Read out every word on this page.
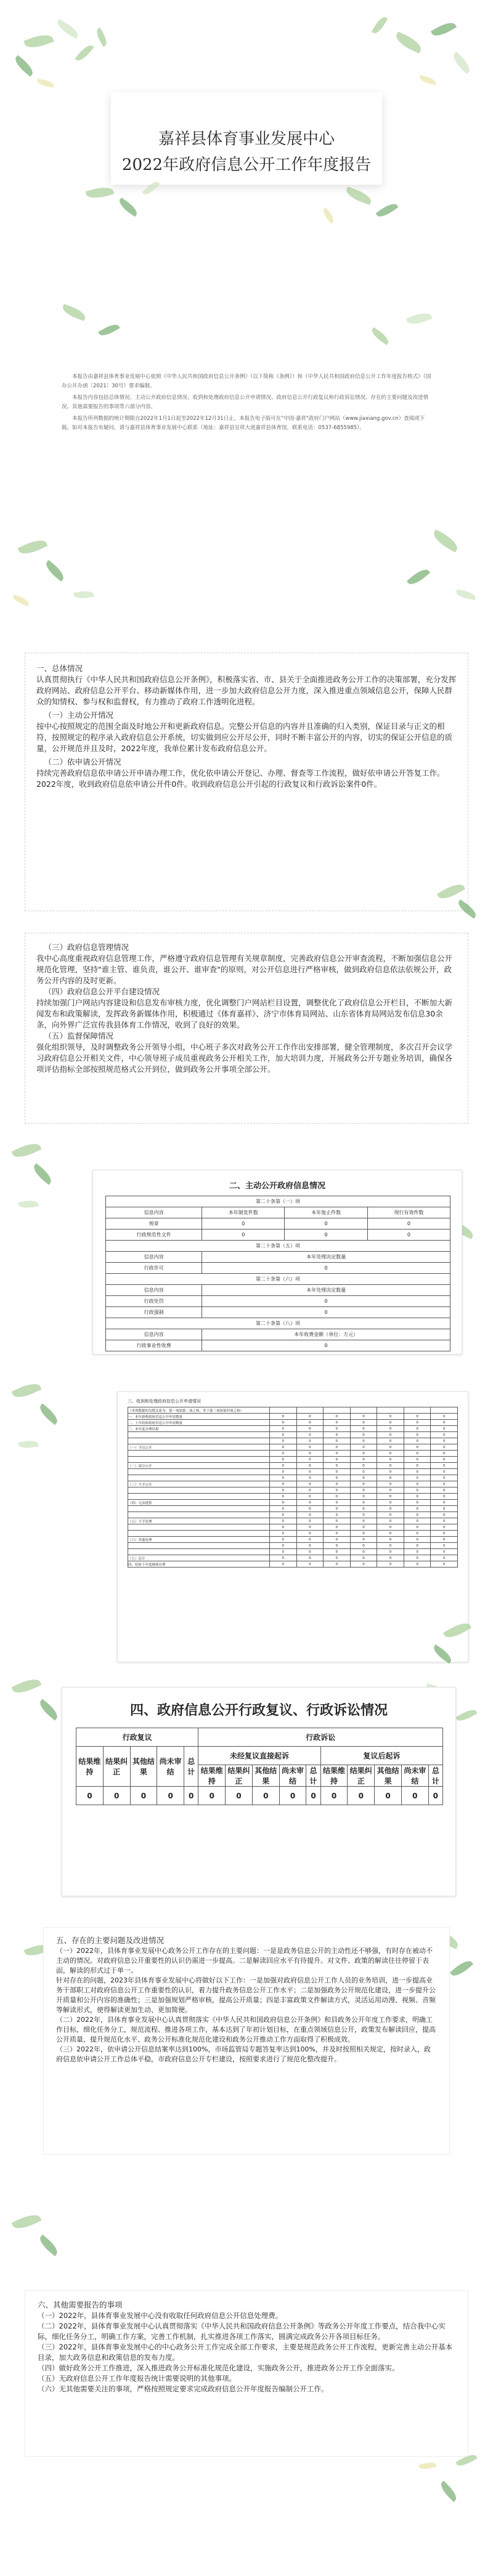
嘉祥县体育事业发展中心
2022年政府信息公开工作年度报告

本报告由嘉祥县体育事业发展中心依照《中华人民共和国政府信息公开条例》（以下简称《条例》）和《中华人民共和国政府信息公开工作年度报告格式》（国办公开办函〔2021〕30号）要求编制。

本报告内容包括总体情况、主动公开政府信息情况、收到和处理政府信息公开申请情况、政府信息公开行政复议和行政诉讼情况、存在的主要问题及改进情况、其他需要报告的事项等六部分内容。

本报告所列数据的统计期限自2022年1月1日起至2022年12月31日止。本报告电子版可在"中国·嘉祥"政府门户网站（www.jiaxiang.gov.cn）查阅或下载。如对本报告有疑问，请与嘉祥县体育事业发展中心联系（地址：嘉祥县呈祥大道嘉祥县体育馆，联系电话：0537-6855985）。

一、总体情况

认真贯彻执行《中华人民共和国政府信息公开条例》，积极落实省、市、县关于全面推进政务公开工作的决策部署，充分发挥政府网站、政府信息公开平台、移动新媒体作用，进一步加大政府信息公开力度，深入推进重点领域信息公开，保障人民群众的知情权、参与权和监督权，有力推动了政府工作透明化进程。

（一）主动公开情况

按中心按照规定的范围全面及时地公开和更新政府信息。完整公开信息的内容并且准确的归入类别，保证目录与正文的相符，按照规定的程序录入政府信息公开系统，切实做到应公开尽公开，同时不断丰富公开的内容，切实的保证公开信息的质量，公开规范并且及时，2022年度，我单位累计发布政府信息公开。

（二）依申请公开情况

持续完善政府信息依申请公开申请办理工作，优化依申请公开登记、办理、督查等工作流程，做好依申请公开答复工作。2022年度，收到政府信息依申请公开件0件。收到政府信息公开引起的行政复议和行政诉讼案件0件。

（三）政府信息管理情况

我中心高度重视政府信息管理工作，严格遵守政府信息管理有关规章制度，完善政府信息公开审查流程，不断加强信息公开规范化管理，坚持"谁主管、谁负责，谁公开、谁审查"的原则，对公开信息进行严格审核，做到政府信息依法依规公开，政务公开内容的及时更新。

（四）政府信息公开平台建设情况

持续加强门户网站内容建设和信息发布审核力度，优化调整门户网站栏目设置，调整优化了政府信息公开栏目，不断加大新闻发布和政策解读，发挥政务新媒体作用，积极通过《体育嘉祥》、济宁市体育局网站、山东省体育局网站发布信息30余条，向外界广泛宣传我县体育工作情况，收到了良好的效果。

（五）监督保障情况

强化组织领导，及时调整政务公开领导小组，中心班子多次对政务公开工作作出安排部署，健全管理制度，多次召开会议学习政府信息公开相关文件，中心领导班子成员重视政务公开相关工作，加大培训力度，开展政务公开专题业务培训，确保各项评估指标全部按照规范格式公开到位，做到政务公开事项全部公开。

二、主动公开政府信息情况

第二十条第（一）项			
信息内容	本年制发件数	本年废止件数	现行有效件数
规章	0	0	0
行政规范性文件	0	0	0
第二十条第（五）项			
信息内容	本年处理决定数量		
行政许可	0		
第二十条第（六）项			
信息内容	本年处理决定数量		
行政处罚	0		
行政强制	0		
第二十条第（八）项			
信息内容	本年收费金额（单位：万元）		
行政事业性收费	0		

三、收到和处理政府信息公开申请情况

（本列数据的勾稽关系为：第一项加第二项之和，等于第三项加第四项之和）							
一、本年新收政府信息公开申请数量	0	0	0	0	0	0	0
二、上年结转政府信息公开申请数量	0	0	0	0	0	0	0
三、本年度办理结果	0	0	0	0	0	0	0
	0	0	0	0	0	0	0
	0	0	0	0	0	0	0
（一）予以公开	0	0	0	0	0	0	0
	0	0	0	0	0	0	0
	0	0	0	0	0	0	0
（二）部分公开	0	0	0	0	0	0	0
	0	0	0	0	0	0	0
	0	0	0	0	0	0	0
（三）不予公开	0	0	0	0	0	0	0
	0	0	0	0	0	0	0
	0	0	0	0	0	0	0
（四）无法提供	0	0	0	0	0	0	0
	0	0	0	0	0	0	0
	0	0	0	0	0	0	0
（五）不予处理	0	0	0	0	0	0	0
	0	0	0	0	0	0	0
	0	0	0	0	0	0	0
（六）其他处理	0	0	0	0	0	0	0
	0	0	0	0	0	0	0
	0	0	0	0	0	0	0
（七）总计	0	0	0	0	0	0	0
四、结转下年度继续办理	0	0	0	0	0	0	0

四、政府信息公开行政复议、行政诉讼情况

行政复议					行政诉讼									
结果维持	结果纠正	其他结果	尚未审结	总计	未经复议直接起诉					复议后起诉				
					结果维持	结果纠正	其他结果	尚未审结	总计	结果维持	结果纠正	其他结果	尚未审结	总计
0	0	0	0	0	0	0	0	0	0	0	0	0	0	0

五、存在的主要问题及改进情况

（一）2022年，县体育事业发展中心政务公开工作存在的主要问题：一是是政务信息公开的主动性还不够强，有时存在被动不主动的情况。对政府信息公开重要性的认识仍需进一步提高。二是解读回应水平有待提升。对文件、政策的解读往往停留于表面，解读的形式过于单一。

针对存在的问题，2023年县体育事业发展中心将做好以下工作：一是加强对政府信息公开工作人员的业务培训，进一步提高业务干部职工对政府信息公开工作重要性的认识，着力提升政务信息公开工作水平；二是加强政务公开规范化建设，进一步提升公开质量和公开内容的准确性；三是加强规划严格审核，提高公开质量；四是丰富政策文件解读方式，灵活运用动漫、视频、音频等解读形式，使得解读更加生动、更加简便。

（二）2022年，县体育事业发展中心认真贯彻落实《中华人民共和国政府信息公开条例》和县政务公开年度工作要求，明确工作目标，细化任务分工，规范流程、推进各项工作，基本达到了年初计划目标，在重点领域信息公开，政策发布解读回应，提高公开质量、提升规范化水平、政务公开标准化规范化建设和政务公开推动工作方面取得了积极成效。

（三）2022年，依申请公开信息结案率达到100%，市场监管局专题答复率达到100%，并及时按照相关规定，按时录入，政府信息依申请公开工作总体平稳，市政府信息公开专栏建设，按照要求进行了规范化整改提升。

六、其他需要报告的事项

（一）2022年，县体育事业发展中心没有收取任何政府信息公开信息处理费。

（二）2022年，县体育事业发展中心认真贯彻落实《中华人民共和国政府信息公开条例》等政务公开年度工作要点，结合我中心实际，细化任务分工，明确工作方案，完善工作机制，扎实推进各项工作落实，圆满完成政务公开各项目标任务。

（三）2022年，县体育事业发展中心的中心政务公开工作完成全部工作要求，主要是规范政务公开工作流程，更新完善主动公开基本目录，加大政务信息和政策信息的发布力度。

（四）做好政务公开工作推进，深入推进政务公开标准化规范化建设，实施政务公开，推进政务公开工作全面落实。

（五）无政府信息公开工作年度报告统计需要说明的其他事项。

（六）无其他需要关注的事项，严格按照规定要求完成政府信息公开年度报告编制公开工作。
